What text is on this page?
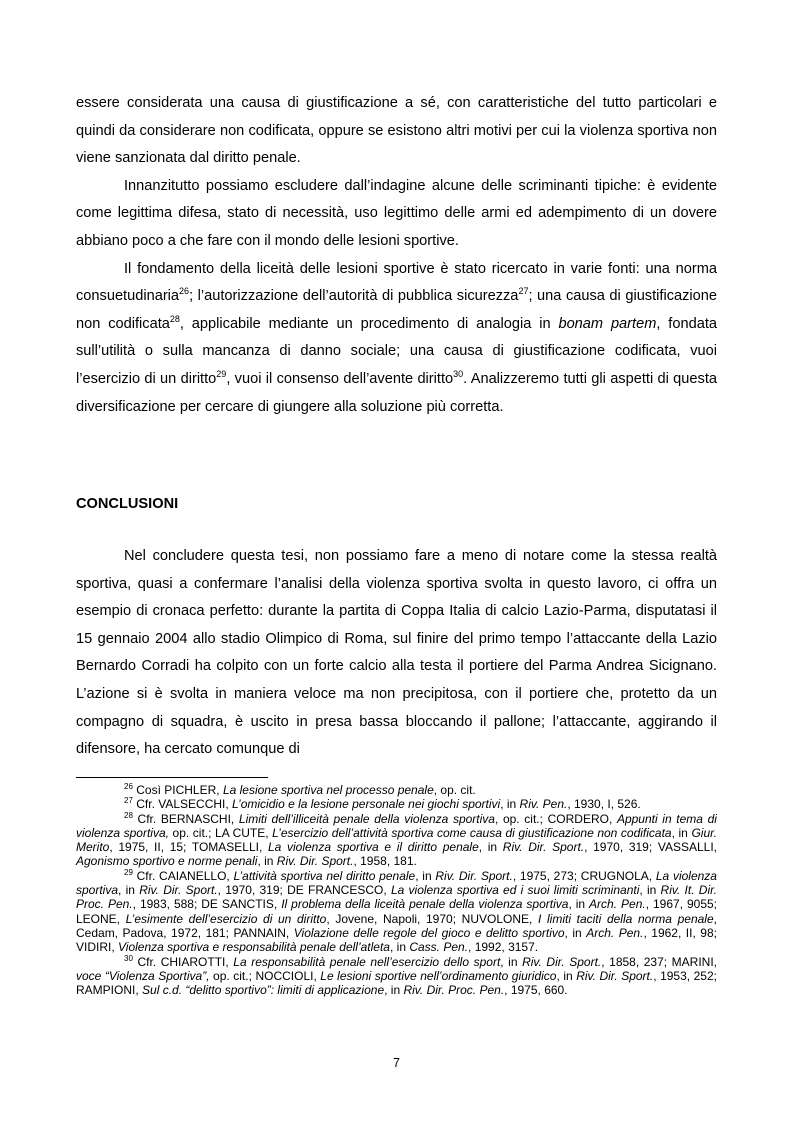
essere considerata una causa di giustificazione a sé, con caratteristiche del tutto particolari e quindi da considerare non codificata, oppure se esistono altri motivi per cui la violenza sportiva non viene sanzionata dal diritto penale.

Innanzitutto possiamo escludere dall’indagine alcune delle scriminanti tipiche: è evidente come legittima difesa, stato di necessità, uso legittimo delle armi ed adempimento di un dovere abbiano poco a che fare con il mondo delle lesioni sportive.

Il fondamento della liceità delle lesioni sportive è stato ricercato in varie fonti: una norma consuetudinaria$^{26}$; l’autorizzazione dell’autorità di pubblica sicurezza$^{27}$; una causa di giustificazione non codificata$^{28}$, applicabile mediante un procedimento di analogia in bonam partem, fondata sull’utilità o sulla mancanza di danno sociale; una causa di giustificazione codificata, vuoi l’esercizio di un diritto$^{29}$, vuoi il consenso dell’avente diritto$^{30}$. Analizzeremo tutti gli aspetti di questa diversificazione per cercare di giungere alla soluzione più corretta.

CONCLUSIONI

Nel concludere questa tesi, non possiamo fare a meno di notare come la stessa realtà sportiva, quasi a confermare l’analisi della violenza sportiva svolta in questo lavoro, ci offra un esempio di cronaca perfetto: durante la partita di Coppa Italia di calcio Lazio-Parma, disputatasi il 15 gennaio 2004 allo stadio Olimpico di Roma, sul finire del primo tempo l’attaccante della Lazio Bernardo Corradi ha colpito con un forte calcio alla testa il portiere del Parma Andrea Sicignano. L’azione si è svolta in maniera veloce ma non precipitosa, con il portiere che, protetto da un compagno di squadra, è uscito in presa bassa bloccando il pallone; l’attaccante, aggirando il difensore, ha cercato comunque di

$^{26}$ Così PICHLER, La lesione sportiva nel processo penale, op. cit.

$^{27}$ Cfr. VALSECCHI, L’omicidio e la lesione personale nei giochi sportivi, in Riv. Pen., 1930, I, 526.

$^{28}$ Cfr. BERNASCHI, Limiti dell’illiceità penale della violenza sportiva, op. cit.; CORDERO, Appunti in tema di violenza sportiva, op. cit.; LA CUTE, L’esercizio dell’attività sportiva come causa di giustificazione non codificata, in Giur. Merito, 1975, II, 15; TOMASELLI, La violenza sportiva e il diritto penale, in Riv. Dir. Sport., 1970, 319; VASSALLI, Agonismo sportivo e norme penali, in Riv. Dir. Sport., 1958, 181.

$^{29}$ Cfr. CAIANELLO, L’attività sportiva nel diritto penale, in Riv. Dir. Sport., 1975, 273; CRUGNOLA, La violenza sportiva, in Riv. Dir. Sport., 1970, 319; DE FRANCESCO, La violenza sportiva ed i suoi limiti scriminanti, in Riv. It. Dir. Proc. Pen., 1983, 588; DE SANCTIS, Il problema della liceità penale della violenza sportiva, in Arch. Pen., 1967, 9055; LEONE, L’esimente dell’esercizio di un diritto, Jovene, Napoli, 1970; NUVOLONE, I limiti taciti della norma penale, Cedam, Padova, 1972, 181; PANNAIN, Violazione delle regole del gioco e delitto sportivo, in Arch. Pen., 1962, II, 98; VIDIRI, Violenza sportiva e responsabilità penale dell’atleta, in Cass. Pen., 1992, 3157.

$^{30}$ Cfr. CHIAROTTI, La responsabilità penale nell’esercizio dello sport, in Riv. Dir. Sport., 1858, 237; MARINI, voce “Violenza Sportiva”, op. cit.; NOCCIOLI, Le lesioni sportive nell’ordinamento giuridico, in Riv. Dir. Sport., 1953, 252; RAMPIONI, Sul c.d. “delitto sportivo”: limiti di applicazione, in Riv. Dir. Proc. Pen., 1975, 660.

7
